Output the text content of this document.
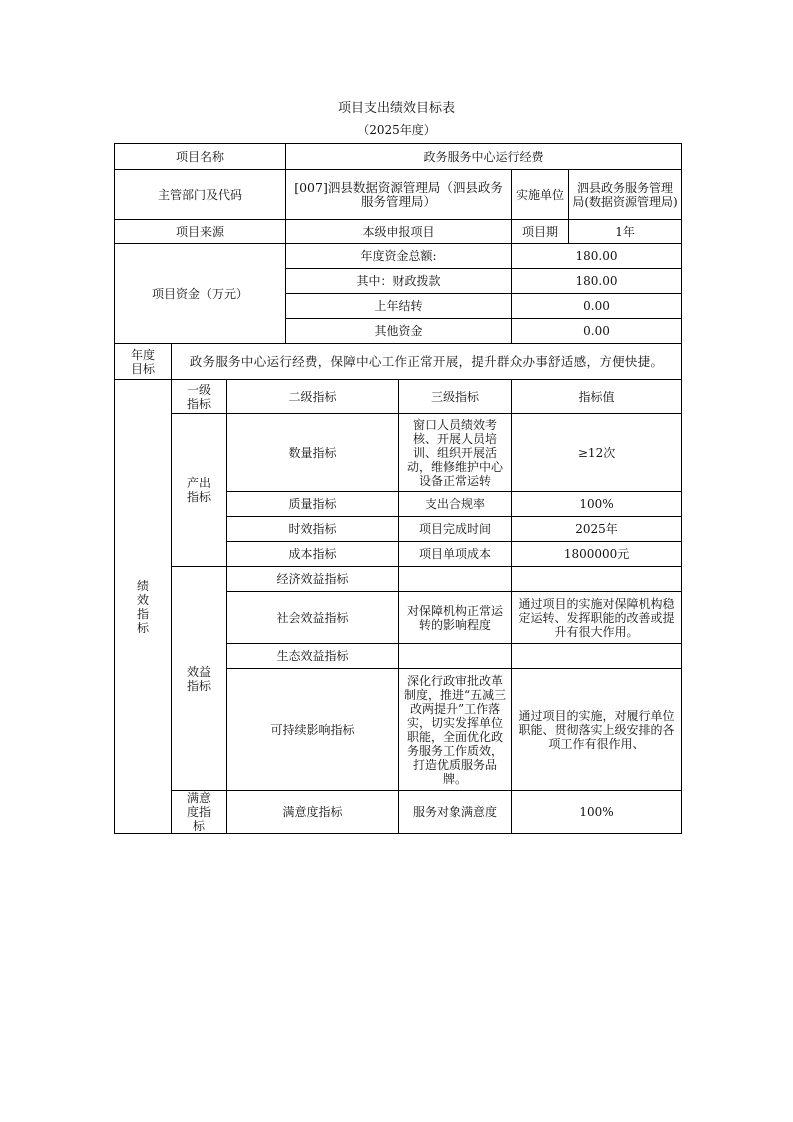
项目支出绩效目标表
（2025年度）
项目名称			政务服务中心运行经费			
主管部门及代码			[007]泗县数据资源管理局（泗县政务服务管理局）		实施单位	泗县政务服务管理局(数据资源管理局)
项目来源			本级申报项目		项目期	1年
项目资金（万元）			年度资金总额:		180.00	
			其中：财政拨款		180.00	
			上年结转		0.00	
			其他资金		0.00	
年度目标	政务服务中心运行经费，保障中心工作正常开展，提升群众办事舒适感，方便快捷。					
绩效指标	一级指标	二级指标		三级指标	指标值	
	产出指标	数量指标		窗口人员绩效考核、开展人员培训、组织开展活动，维修维护中心设备正常运转	≥12次	
		质量指标		支出合规率	100%	
		时效指标		项目完成时间	2025年	
		成本指标		项目单项成本	1800000元	
	效益指标	经济效益指标				
		社会效益指标		对保障机构正常运转的影响程度	通过项目的实施对保障机构稳定运转、发挥职能的改善或提升有很大作用。	
		生态效益指标				
		可持续影响指标		深化行政审批改革制度，推进“五减三改两提升”工作落实，切实发挥单位职能，全面优化政务服务工作质效，打造优质服务品牌。	通过项目的实施，对履行单位职能、贯彻落实上级安排的各项工作有很作用、	
	满意度指标	满意度指标		服务对象满意度	100%	
